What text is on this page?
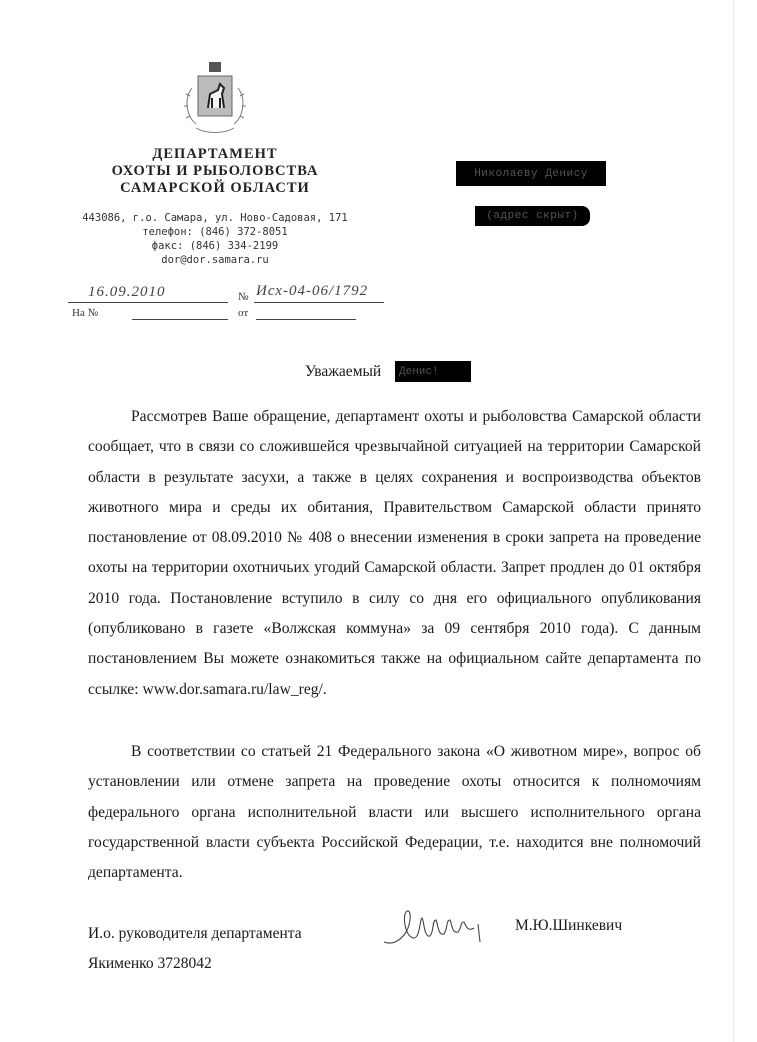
ДЕПАРТАМЕНТ
ОХОТЫ И РЫБОЛОВСТВА
САМАРСКОЙ ОБЛАСТИ
443086, г.о. Самара, ул. Ново-Садовая, 171
телефон: (846) 372-8051
факс: (846) 334-2199
dor@dor.samara.ru
16.09.2010	№ Исх-04-06/1792
На №	от
Николаеву Денису
(адрес скрыт)
Уважаемый	Денис!

Рассмотрев Ваше обращение, департамент охоты и рыболовства Самарской области сообщает, что в связи со сложившейся чрезвычайной ситуацией на территории Самарской области в результате засухи, а также в целях сохранения и воспроизводства объектов животного мира и среды их обитания, Правительством Самарской области принято постановление от 08.09.2010 № 408 о внесении изменения в сроки запрета на проведение охоты на территории охотничьих угодий Самарской области. Запрет продлен до 01 октября 2010 года. Постановление вступило в силу со дня его официального опубликования (опубликовано в газете «Волжская коммуна» за 09 сентября 2010 года). С данным постановлением Вы можете ознакомиться также на официальном сайте департамента по ссылке: www.dor.samara.ru/law_reg/.

В соответствии со статьей 21 Федерального закона «О животном мире», вопрос об установлении или отмене запрета на проведение охоты относится к полномочиям федерального органа исполнительной власти или высшего исполнительного органа государственной власти субъекта Российской Федерации, т.е. находится вне полномочий департамента.

И.о. руководителя департамента	М.Ю.Шинкевич
Якименко 3728042
